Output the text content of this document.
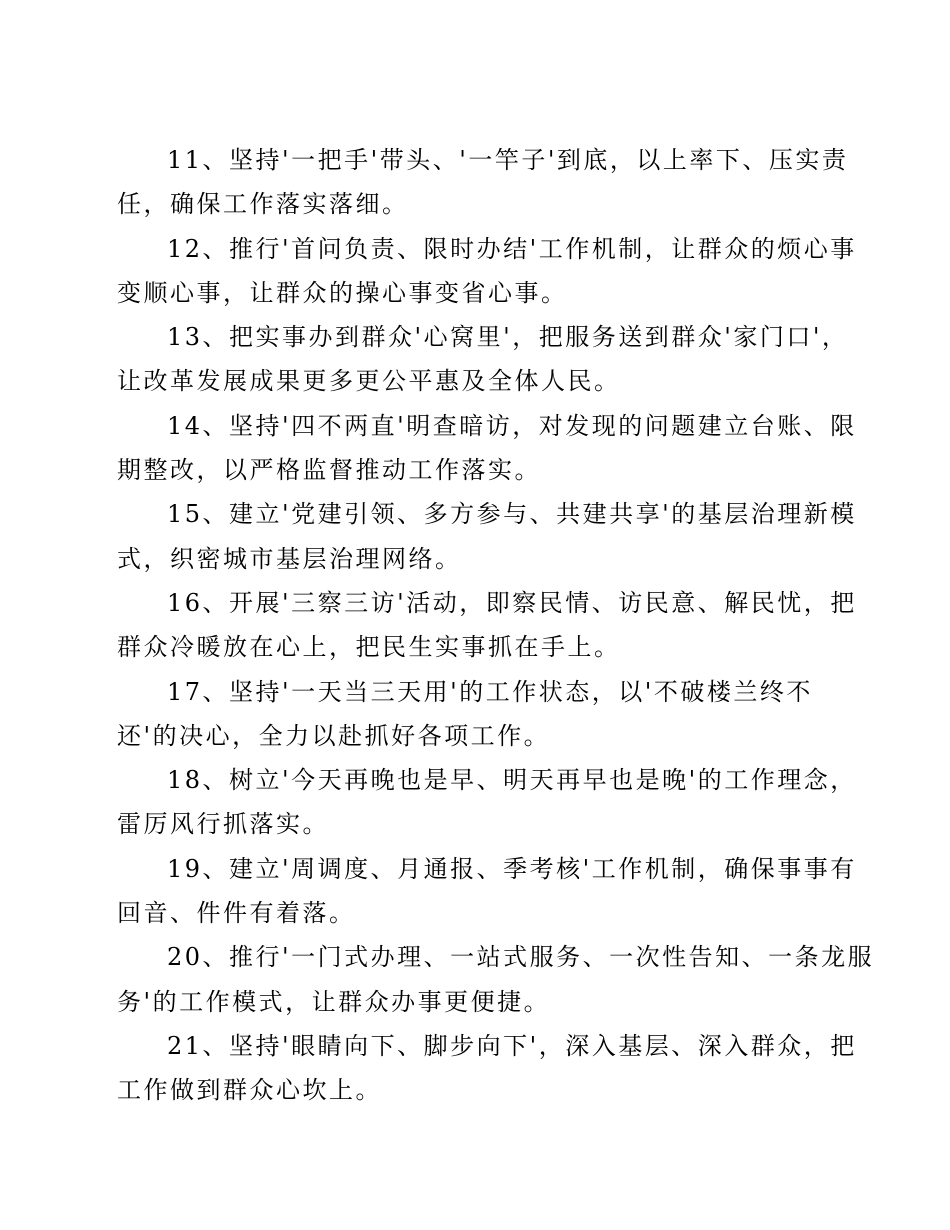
11、坚持'一把手'带头、'一竿子'到底，以上率下、压实责
任，确保工作落实落细。
12、推行'首问负责、限时办结'工作机制，让群众的烦心事
变顺心事，让群众的操心事变省心事。
13、把实事办到群众'心窝里'，把服务送到群众'家门口'，
让改革发展成果更多更公平惠及全体人民。
14、坚持'四不两直'明查暗访，对发现的问题建立台账、限
期整改，以严格监督推动工作落实。
15、建立'党建引领、多方参与、共建共享'的基层治理新模
式，织密城市基层治理网络。
16、开展'三察三访'活动，即察民情、访民意、解民忧，把
群众冷暖放在心上，把民生实事抓在手上。
17、坚持'一天当三天用'的工作状态，以'不破楼兰终不
还'的决心，全力以赴抓好各项工作。
18、树立'今天再晚也是早、明天再早也是晚'的工作理念，
雷厉风行抓落实。
19、建立'周调度、月通报、季考核'工作机制，确保事事有
回音、件件有着落。
20、推行'一门式办理、一站式服务、一次性告知、一条龙服
务'的工作模式，让群众办事更便捷。
21、坚持'眼睛向下、脚步向下'，深入基层、深入群众，把
工作做到群众心坎上。
